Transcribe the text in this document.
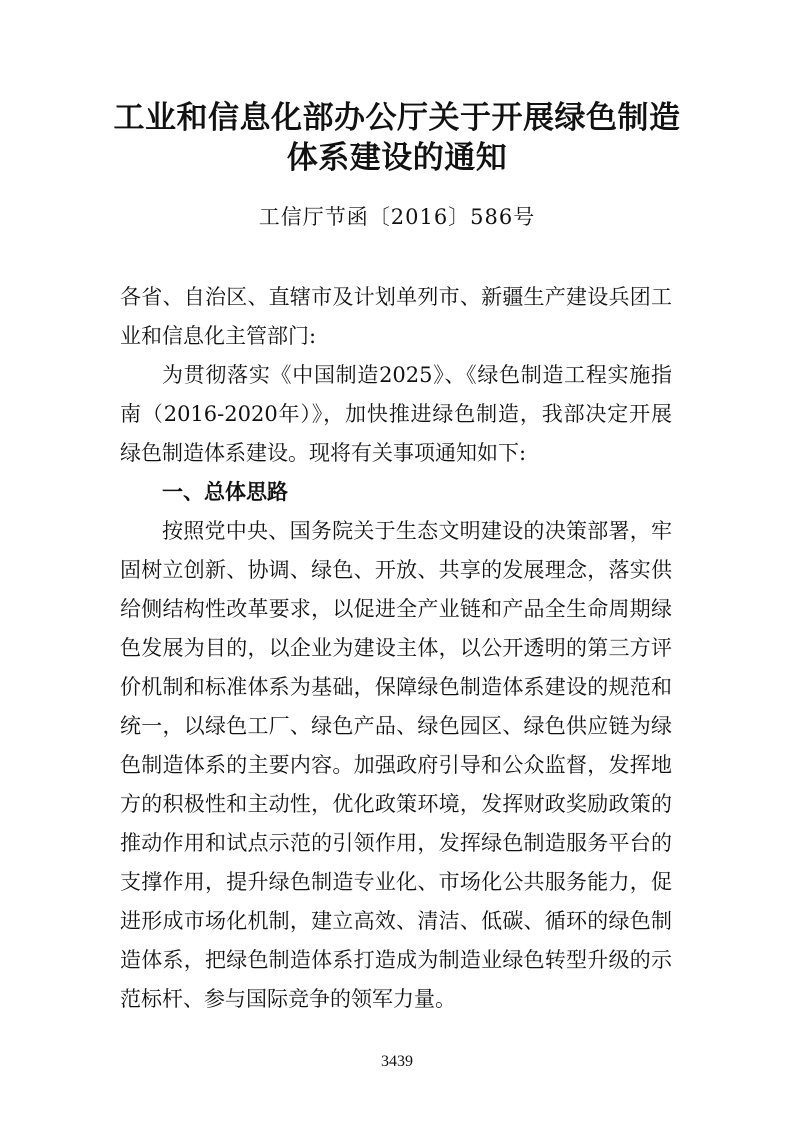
工业和信息化部办公厅关于开展绿色制造
体系建设的通知
工信厅节函〔2016〕586号
各省、自治区、直辖市及计划单列市、新疆生产建设兵团工
业和信息化主管部门:
为贯彻落实《中国制造2025》、《绿色制造工程实施指
南（2016-2020年）》，加快推进绿色制造，我部决定开展
绿色制造体系建设。现将有关事项通知如下:
一、总体思路
按照党中央、国务院关于生态文明建设的决策部署，牢
固树立创新、协调、绿色、开放、共享的发展理念，落实供
给侧结构性改革要求，以促进全产业链和产品全生命周期绿
色发展为目的，以企业为建设主体，以公开透明的第三方评
价机制和标准体系为基础，保障绿色制造体系建设的规范和
统一，以绿色工厂、绿色产品、绿色园区、绿色供应链为绿
色制造体系的主要内容。加强政府引导和公众监督，发挥地
方的积极性和主动性，优化政策环境，发挥财政奖励政策的
推动作用和试点示范的引领作用，发挥绿色制造服务平台的
支撑作用，提升绿色制造专业化、市场化公共服务能力，促
进形成市场化机制，建立高效、清洁、低碳、循环的绿色制
造体系，把绿色制造体系打造成为制造业绿色转型升级的示
范标杆、参与国际竞争的领军力量。
3439
